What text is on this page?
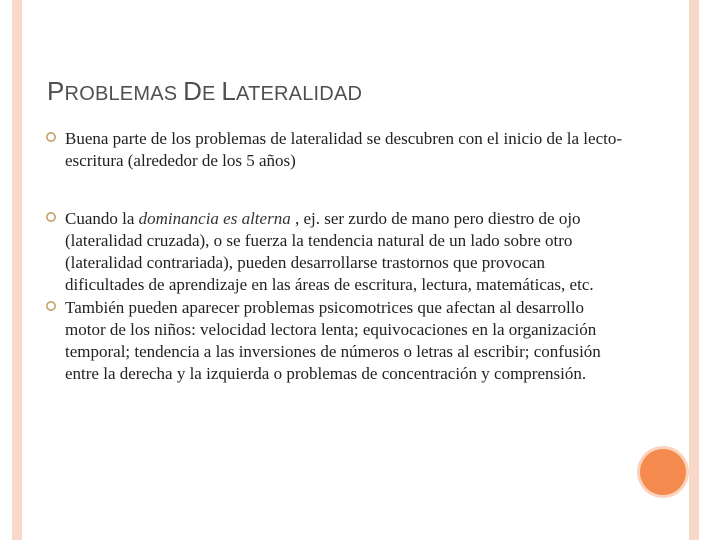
PROBLEMAS DE LATERALIDAD
Buena parte de los problemas de lateralidad se descubren con el inicio de la lecto-escritura (alrededor de los 5 años)
Cuando la dominancia es alterna , ej. ser zurdo de mano pero diestro de ojo (lateralidad cruzada), o se fuerza la tendencia natural de un lado sobre otro (lateralidad contrariada), pueden desarrollarse trastornos que provocan dificultades de aprendizaje en las áreas de escritura, lectura, matemáticas, etc.
También pueden aparecer problemas psicomotrices que afectan al desarrollo motor de los niños: velocidad lectora lenta; equivocaciones en la organización temporal; tendencia a las inversiones de números o letras al escribir; confusión entre la derecha y la izquierda o problemas de concentración y comprensión.
